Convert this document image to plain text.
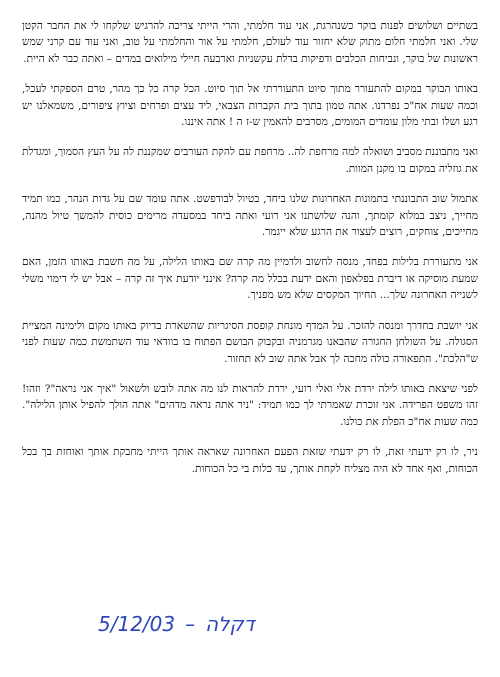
בשתיים ושלושים לפנות בוקר כשנהרגת, אני עוד חלמתי, והרי הייתי צריכה להרגיש שלקחו לי את החבר הקטן שלי. ואני חלמתי חלום מתוק שלא יחזור עוד לעולם, חלמתי על אור והחלמתי על טוב, ואני עוד עם קרני שמש ראשונות של בוקר, ונביחות הכלבים ודפיקות בדלת עקשניות וארבעה חיילי מילואים במדים – ואתה כבר לא היית.

באותו הבוקר במקום להתעורר מתוך סיוט התעוררתי אל תוך סיוט. הכל קרה כל כך מהר, טרם הספקתי לעכל, וכמה שעות אח"כ נפרדנו. אתה טמון בתוך בית הקברות הצבאי, ליד עצים ופרחים וציוץ ציפורים, משמאלנו יש רגע ושלו ובתי מלון עומדים המומים, מסרבים להאמין ש-ז ה ! אתה איננו.

ואני מתבוננת מסביב ושואלה למה מרחפת לה.. מרחפת עם להקת העורבים שמקננת לה על העץ הסמוך, ומגדלת את גוזליה במקום בו מקנן המוות.

אתמול שוב התבוננתי בתמונות האחרונות שלנו ביחד, בטיול לבודפשט. אתה עומד שם על גדות הנהר, כמו תמיד מחייך, ניצב במלוא קומתך, והנה שלושתנו אני רועי ואתה ביחד במסעדה מרימים כוסית להמשך טיול מהנה, מחייכים, צוחקים, רוצים לעצור את הרגע שלא ייגמר.

אני מתעוררת בלילות בפחד, מנסה לחשוב ולדמיין מה קרה שם באותו הלילה, על מה חשבת באותו הזמן, האם שמעת מוסיקה או דיברת בפלאפון והאם ידעת בכלל מה קרה? אינני יודעת איך זה קרה – אבל יש לי דימוי משלי לשנייה האחרונה שלך... החיוך המקסים שלא מש מפניך.

אני יושבת בחדרך ומנסה להזכר. על המדף מונחת קופסת הסיגריות שהשארת בדיוק באותו מקום ולימינה המציית הסגולה. על השולחן החגורה שהבאנו מגרמניה ובקבוק הבושם הפתוח בו בוודאי עוד השתמשת כמה שעות לפני ש"הלכת". התפאורה כולה מחכה לך אבל אתה שוב לא תחזור.

לפני שיצאת באותו לילה ירדת אלי ואלי רועי, ירדת להראות לנו מה אתה לובש ולשאול "איך אני נראה"? וזהו! זהו משפט הפרידה. אני זוכרת שאמרתי לך כמו תמיד: "ניר אתה נראה מדהים" אתה הולך להפיל אותן הלילה". כמה שעות אח"כ הפלת את כולנו.

ניר, לו רק ידעתי זאת, לו רק ידעתי שזאת הפעם האחרונה שאראה אותך הייתי מחבקת אותך ואוחזת בך בכל הכוחות, ואף אחד לא היה מצליח לקחת אותך, עד כלות בי כל הכוחות.

5/12/03 – דקלה
